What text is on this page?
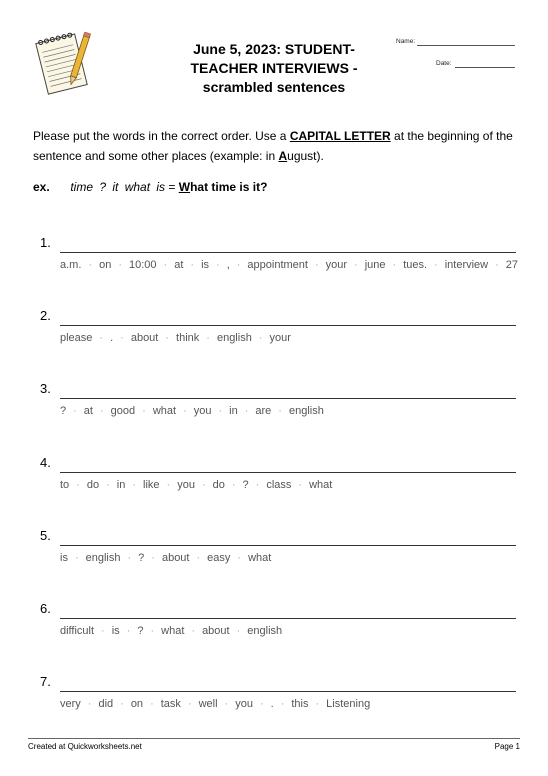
June 5, 2023: STUDENT-
TEACHER INTERVIEWS -
scrambled sentences
Name:
Date:
Please put the words in the correct order. Use a CAPITAL LETTER at the beginning of the sentence and some other places (example: in August).
ex. time ? it what is = What time is it?
1.
a.m. · on · 10:00 · at · is · , · appointment · your · june · tues. · interview · 27
2.
please · . · about · think · english · your
3.
? · at · good · what · you · in · are · english
4.
to · do · in · like · you · do · ? · class · what
5.
is · english · ? · about · easy · what
6.
difficult · is · ? · what · about · english
7.
very · did · on · task · well · you · . · this · Listening
Created at Quickworksheets.net	Page 1
